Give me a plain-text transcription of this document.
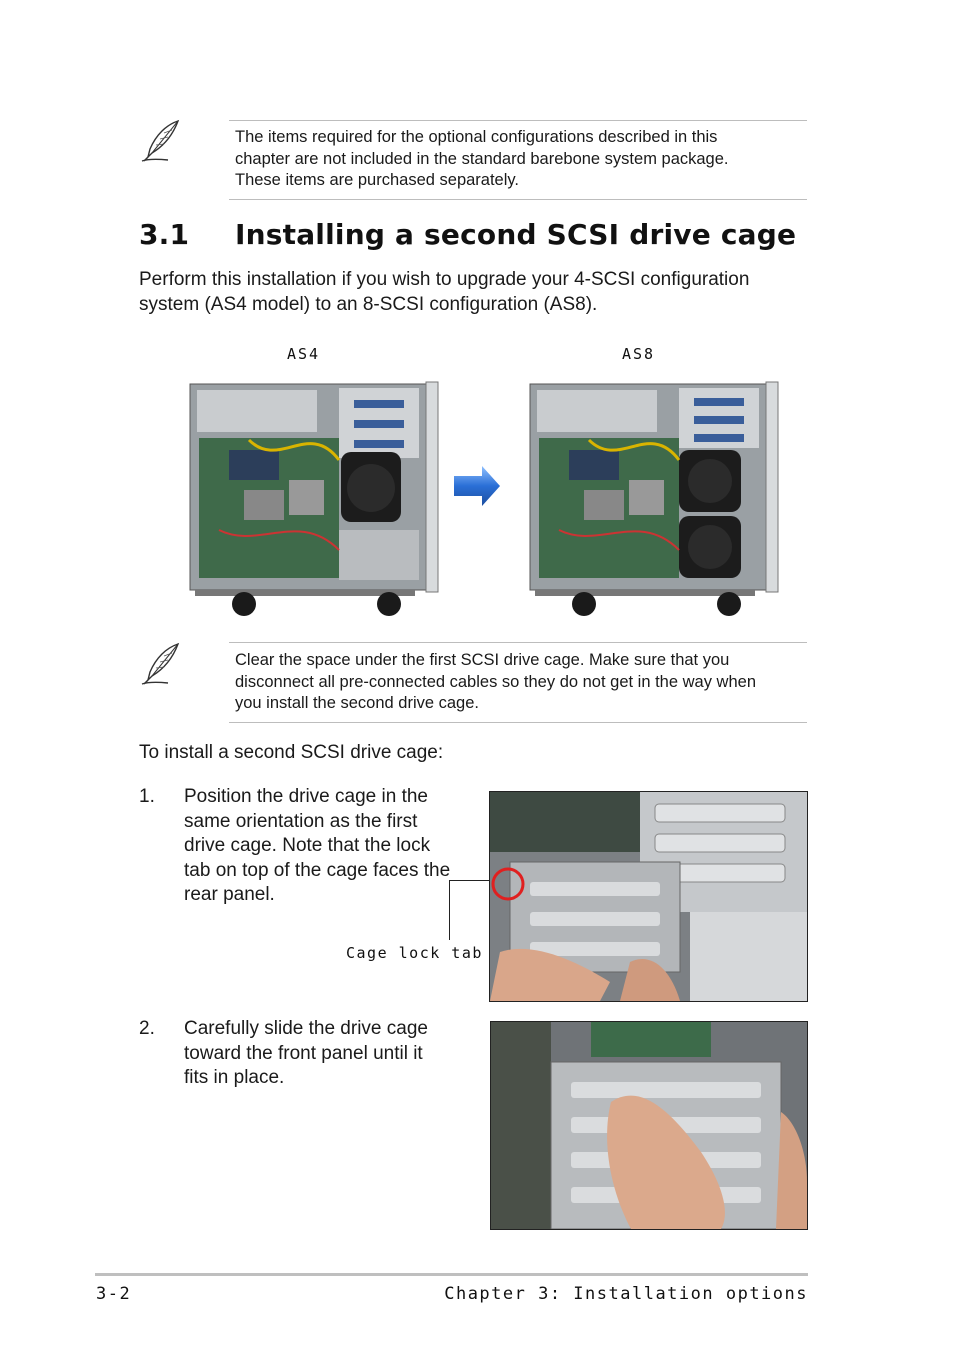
The items required for the optional configurations described in this
chapter are not included in the standard barebone system package.
These items are purchased separately.
3.1 Installing a second SCSI drive cage
Perform this installation if you wish to upgrade your 4-SCSI configuration
system (AS4 model) to an 8-SCSI configuration (AS8).
AS4	AS8
Clear the space under the first SCSI drive cage. Make sure that you
disconnect all pre-connected cables so they do not get in the way when
you install the second drive cage.
To install a second SCSI drive cage:
1. Position the drive cage in the
same orientation as the first
drive cage. Note that the lock
tab on top of the cage faces the
rear panel.
Cage lock tab
2. Carefully slide the drive cage
toward the front panel until it
fits in place.
3-2	Chapter 3: Installation options
